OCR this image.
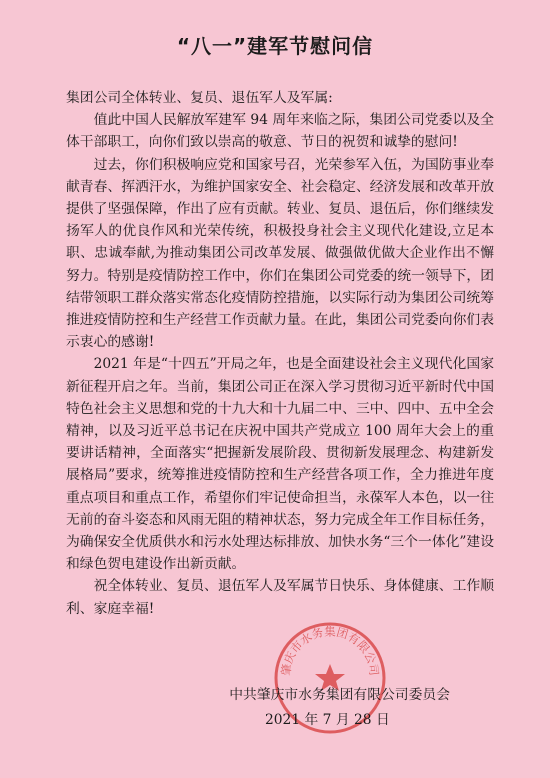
“八一”建军节慰问信

集团公司全体转业、复员、退伍军人及军属:

值此中国人民解放军建军 94 周年来临之际，集团公司党委以及全体干部职工，向你们致以崇高的敬意、节日的祝贺和诚挚的慰问!

过去，你们积极响应党和国家号召，光荣参军入伍，为国防事业奉献青春、挥洒汗水，为维护国家安全、社会稳定、经济发展和改革开放提供了坚强保障，作出了应有贡献。转业、复员、退伍后，你们继续发扬军人的优良作风和光荣传统，积极投身社会主义现代化建设,立足本职、忠诚奉献,为推动集团公司改革发展、做强做优做大企业作出不懈努力。特别是疫情防控工作中，你们在集团公司党委的统一领导下，团结带领职工群众落实常态化疫情防控措施，以实际行动为集团公司统筹推进疫情防控和生产经营工作贡献力量。在此，集团公司党委向你们表示衷心的感谢!

2021 年是“十四五”开局之年，也是全面建设社会主义现代化国家新征程开启之年。当前，集团公司正在深入学习贯彻习近平新时代中国特色社会主义思想和党的十九大和十九届二中、三中、四中、五中全会精神，以及习近平总书记在庆祝中国共产党成立 100 周年大会上的重要讲话精神，全面落实“把握新发展阶段、贯彻新发展理念、构建新发展格局”要求，统筹推进疫情防控和生产经营各项工作，全力推进年度重点项目和重点工作，希望你们牢记使命担当，永葆军人本色，以一往无前的奋斗姿态和风雨无阻的精神状态，努力完成全年工作目标任务，为确保安全优质供水和污水处理达标排放、加快水务“三个一体化”建设和绿色贺电建设作出新贡献。

祝全体转业、复员、退伍军人及军属节日快乐、身体健康、工作顺利、家庭幸福!

肇庆市水务集团有限公司
中共肇庆市水务集团有限公司委员会
2021 年 7 月 28 日
